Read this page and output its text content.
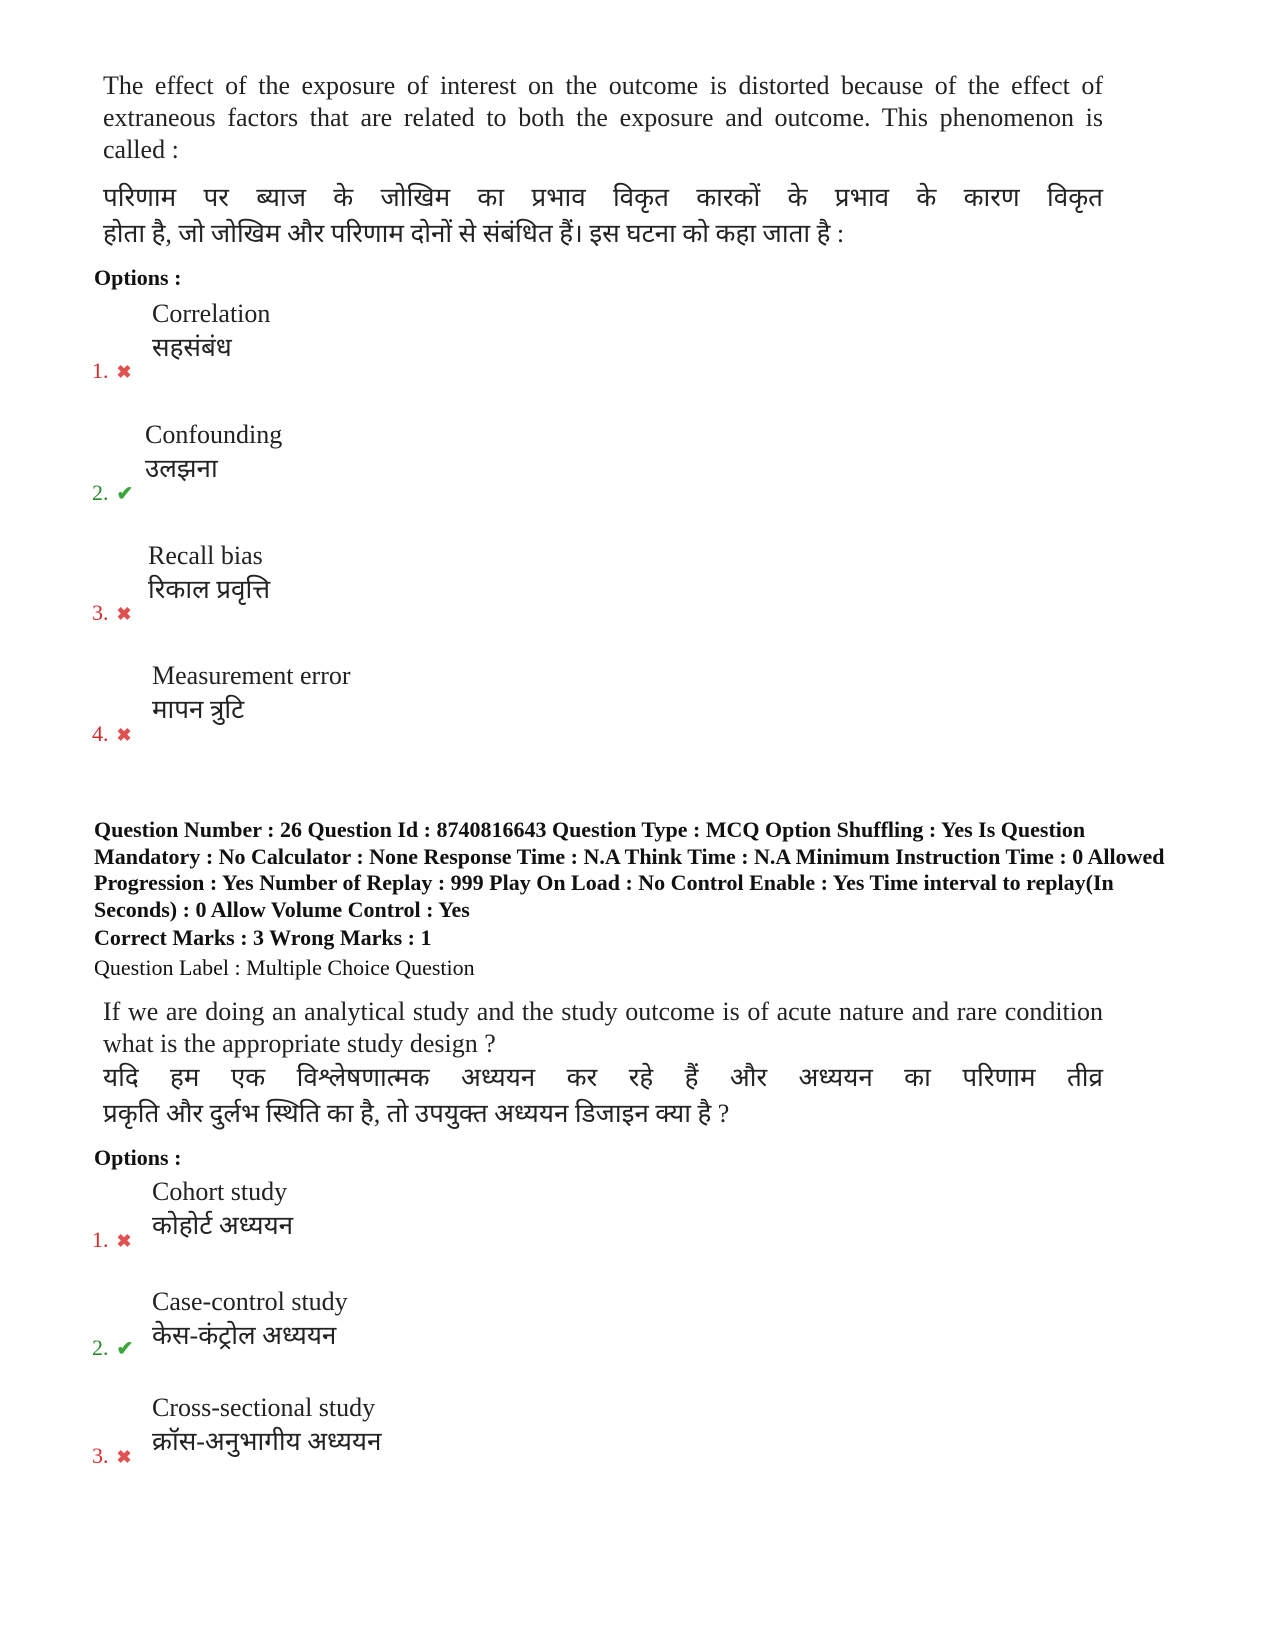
The effect of the exposure of interest on the outcome is distorted because of the effect of extraneous factors that are related to both the exposure and outcome. This phenomenon is called :
परिणाम पर ब्याज के जोखिम का प्रभाव विकृत कारकों के प्रभाव के कारण विकृत
होता है, जो जोखिम और परिणाम दोनों से संबंधित हैं। इस घटना को कहा जाता है :
Options :
Correlation
सहसंबंध
1. ✖
Confounding
उलझना
2. ✔
Recall bias
रिकाल प्रवृत्ति
3. ✖
Measurement error
मापन त्रुटि
4. ✖
Question Number : 26 Question Id : 8740816643 Question Type : MCQ Option Shuffling : Yes Is Question Mandatory : No Calculator : None Response Time : N.A Think Time : N.A Minimum Instruction Time : 0 Allowed Progression : Yes Number of Replay : 999 Play On Load : No Control Enable : Yes Time interval to replay(In Seconds) : 0 Allow Volume Control : Yes
Correct Marks : 3 Wrong Marks : 1
Question Label : Multiple Choice Question
If we are doing an analytical study and the study outcome is of acute nature and rare condition what is the appropriate study design ?
यदि हम एक विश्लेषणात्मक अध्ययन कर रहे हैं और अध्ययन का परिणाम तीव्र
प्रकृति और दुर्लभ स्थिति का है, तो उपयुक्त अध्ययन डिजाइन क्या है ?
Options :
Cohort study
कोहोर्ट अध्ययन
1. ✖
Case-control study
केस-कंट्रोल अध्ययन
2. ✔
Cross-sectional study
क्रॉस-अनुभागीय अध्ययन
3. ✖
